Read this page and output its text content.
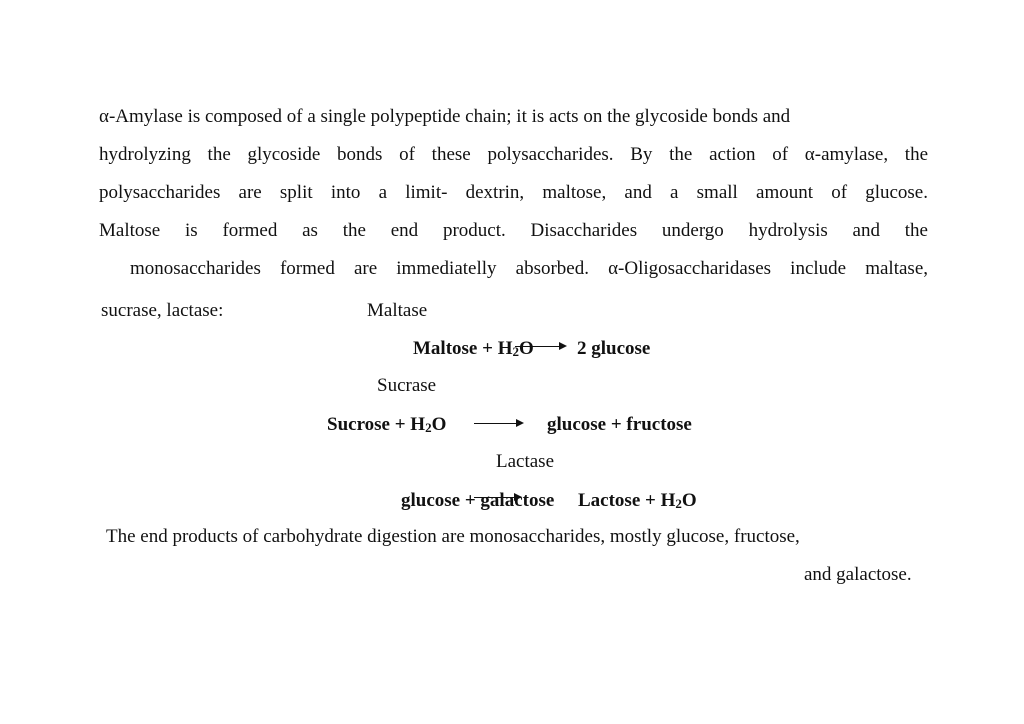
α-Amylase is composed of a single polypeptide chain; it is acts on the glycoside bonds and
hydrolyzing the glycoside bonds of these polysaccharides. By the action of α-amylase, the
polysaccharides are split into a limit- dextrin, maltose, and a small amount of glucose.
Maltose is formed as the end product. Disaccharides undergo hydrolysis and the
monosaccharides formed are immediatelly absorbed. α-Oligosaccharidases include maltase,
sucrase, lactase:	Maltase
Maltose + $H_2O$ 2 glucose
Sucrase
Sucrose + $H_2O$	glucose + fructose
Lactase
glucose + galactose Lactose + $H_2O$
The end products of carbohydrate digestion are monosaccharides, mostly glucose, fructose,
and galactose.
